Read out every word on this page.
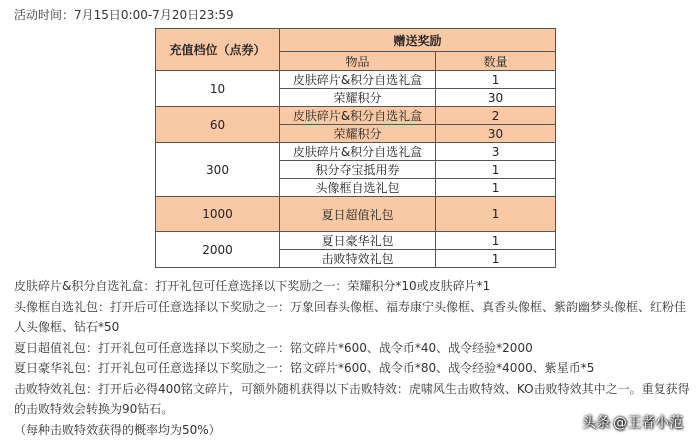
活动时间：7月15日0:00-7月20日23:59
充值档位（点券）	赠送奖励	
	物品	数量
10	皮肤碎片&积分自选礼盒	1
	荣耀积分	30
60	皮肤碎片&积分自选礼盒	2
	荣耀积分	30
300	皮肤碎片&积分自选礼盒	3
	积分夺宝抵用券	1
	头像框自选礼包	1
1000	夏日超值礼包	1
2000	夏日豪华礼包	1
	击败特效礼包	1

皮肤碎片&积分自选礼盒：打开礼包可任意选择以下奖励之一：荣耀积分*10或皮肤碎片*1

头像框自选礼包：打开后可任意选择以下奖励之一：万象回春头像框、福寿康宁头像框、真香头像框、紫韵幽梦头像框、红粉佳人头像框、钻石*50

夏日超值礼包：打开礼包可任意选择以下奖励之一：铭文碎片*600、战令币*40、战令经验*2000

夏日豪华礼包：打开礼包可任意选择以下奖励之一：铭文碎片*600、战令币*80、战令经验*4000、紫星币*5

击败特效礼包：打开后必得400铭文碎片，可额外随机获得以下击败特效：虎啸风生击败特效、KO击败特效其中之一。重复获得的击败特效会转换为90钻石。

（每种击败特效获得的概率均为50%）	头条 @王者小范
